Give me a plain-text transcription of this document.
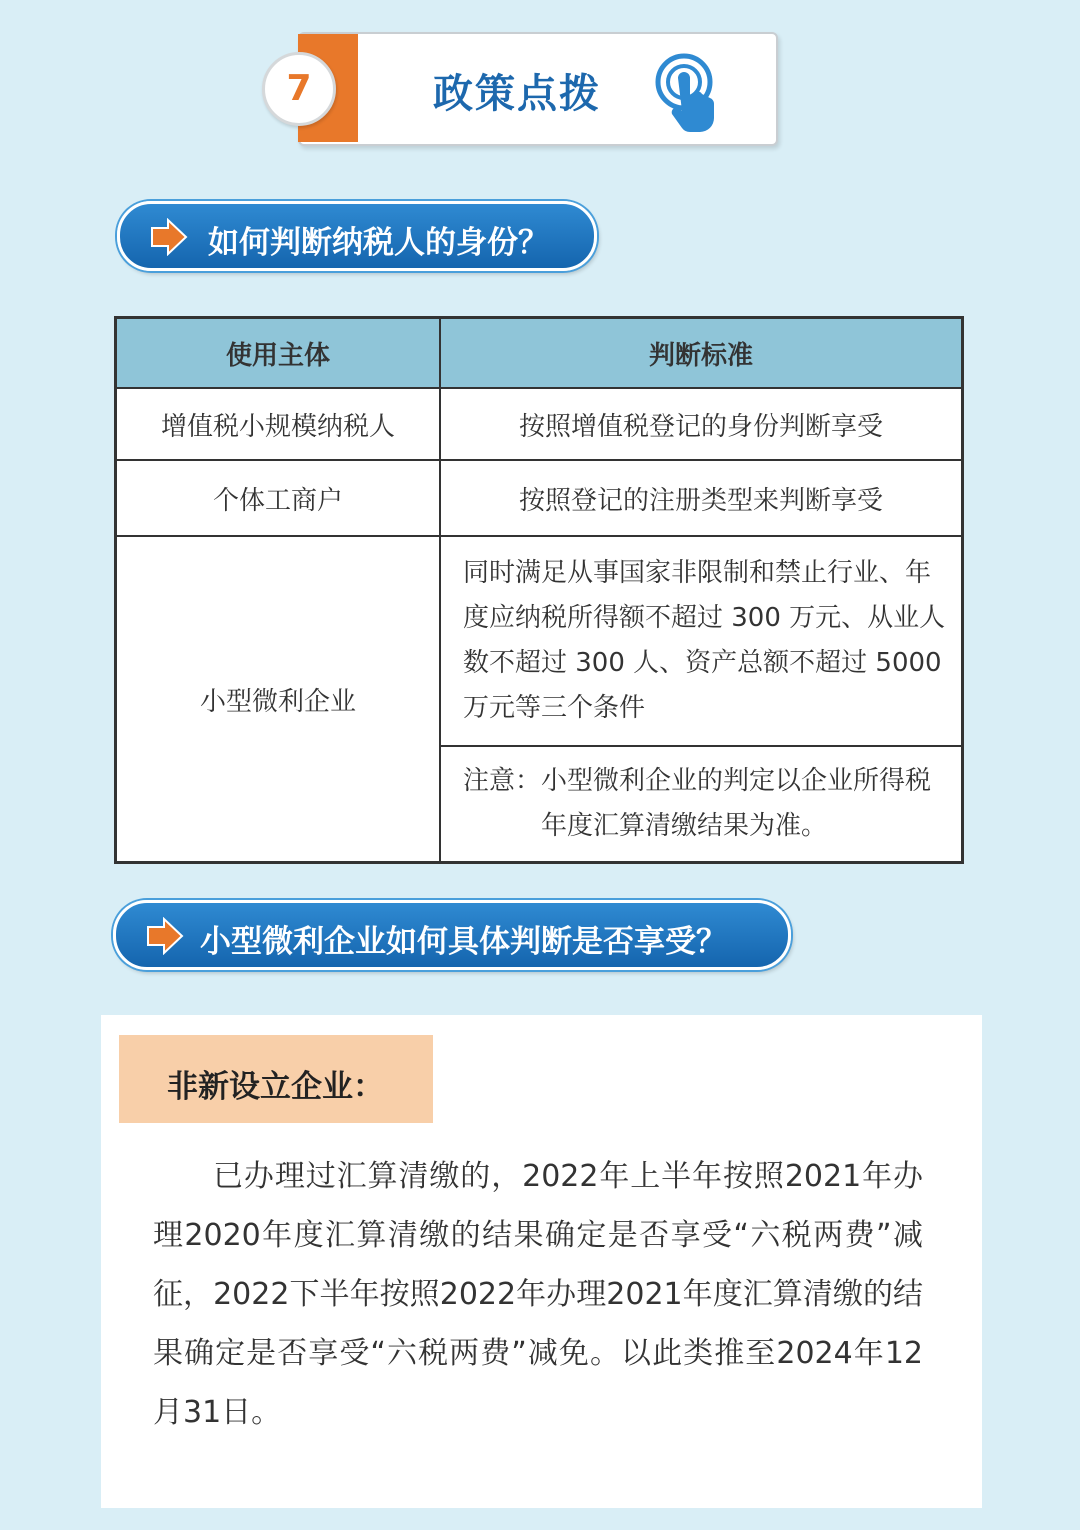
7	政策点拨
如何判断纳税人的身份？
使用主体	判断标准
增值税小规模纳税人	按照增值税登记的身份判断享受
个体工商户	按照登记的注册类型来判断享受
小型微利企业	同时满足从事国家非限制和禁止行业、年度应纳税所得额不超过 300 万元、从业人数不超过 300 人、资产总额不超过 5000 万元等三个条件

	注意： 小型微利企业的判定以企业所得税年度汇算清缴结果为准。
小型微利企业如何具体判断是否享受？
非新设立企业：
已办理过汇算清缴的，2022年上半年按照2021年办理2020年度汇算清缴的结果确定是否享受“六税两费”减征，2022下半年按照2022年办理2021年度汇算清缴的结果确定是否享受“六税两费”减免。以此类推至2024年12月31日。
